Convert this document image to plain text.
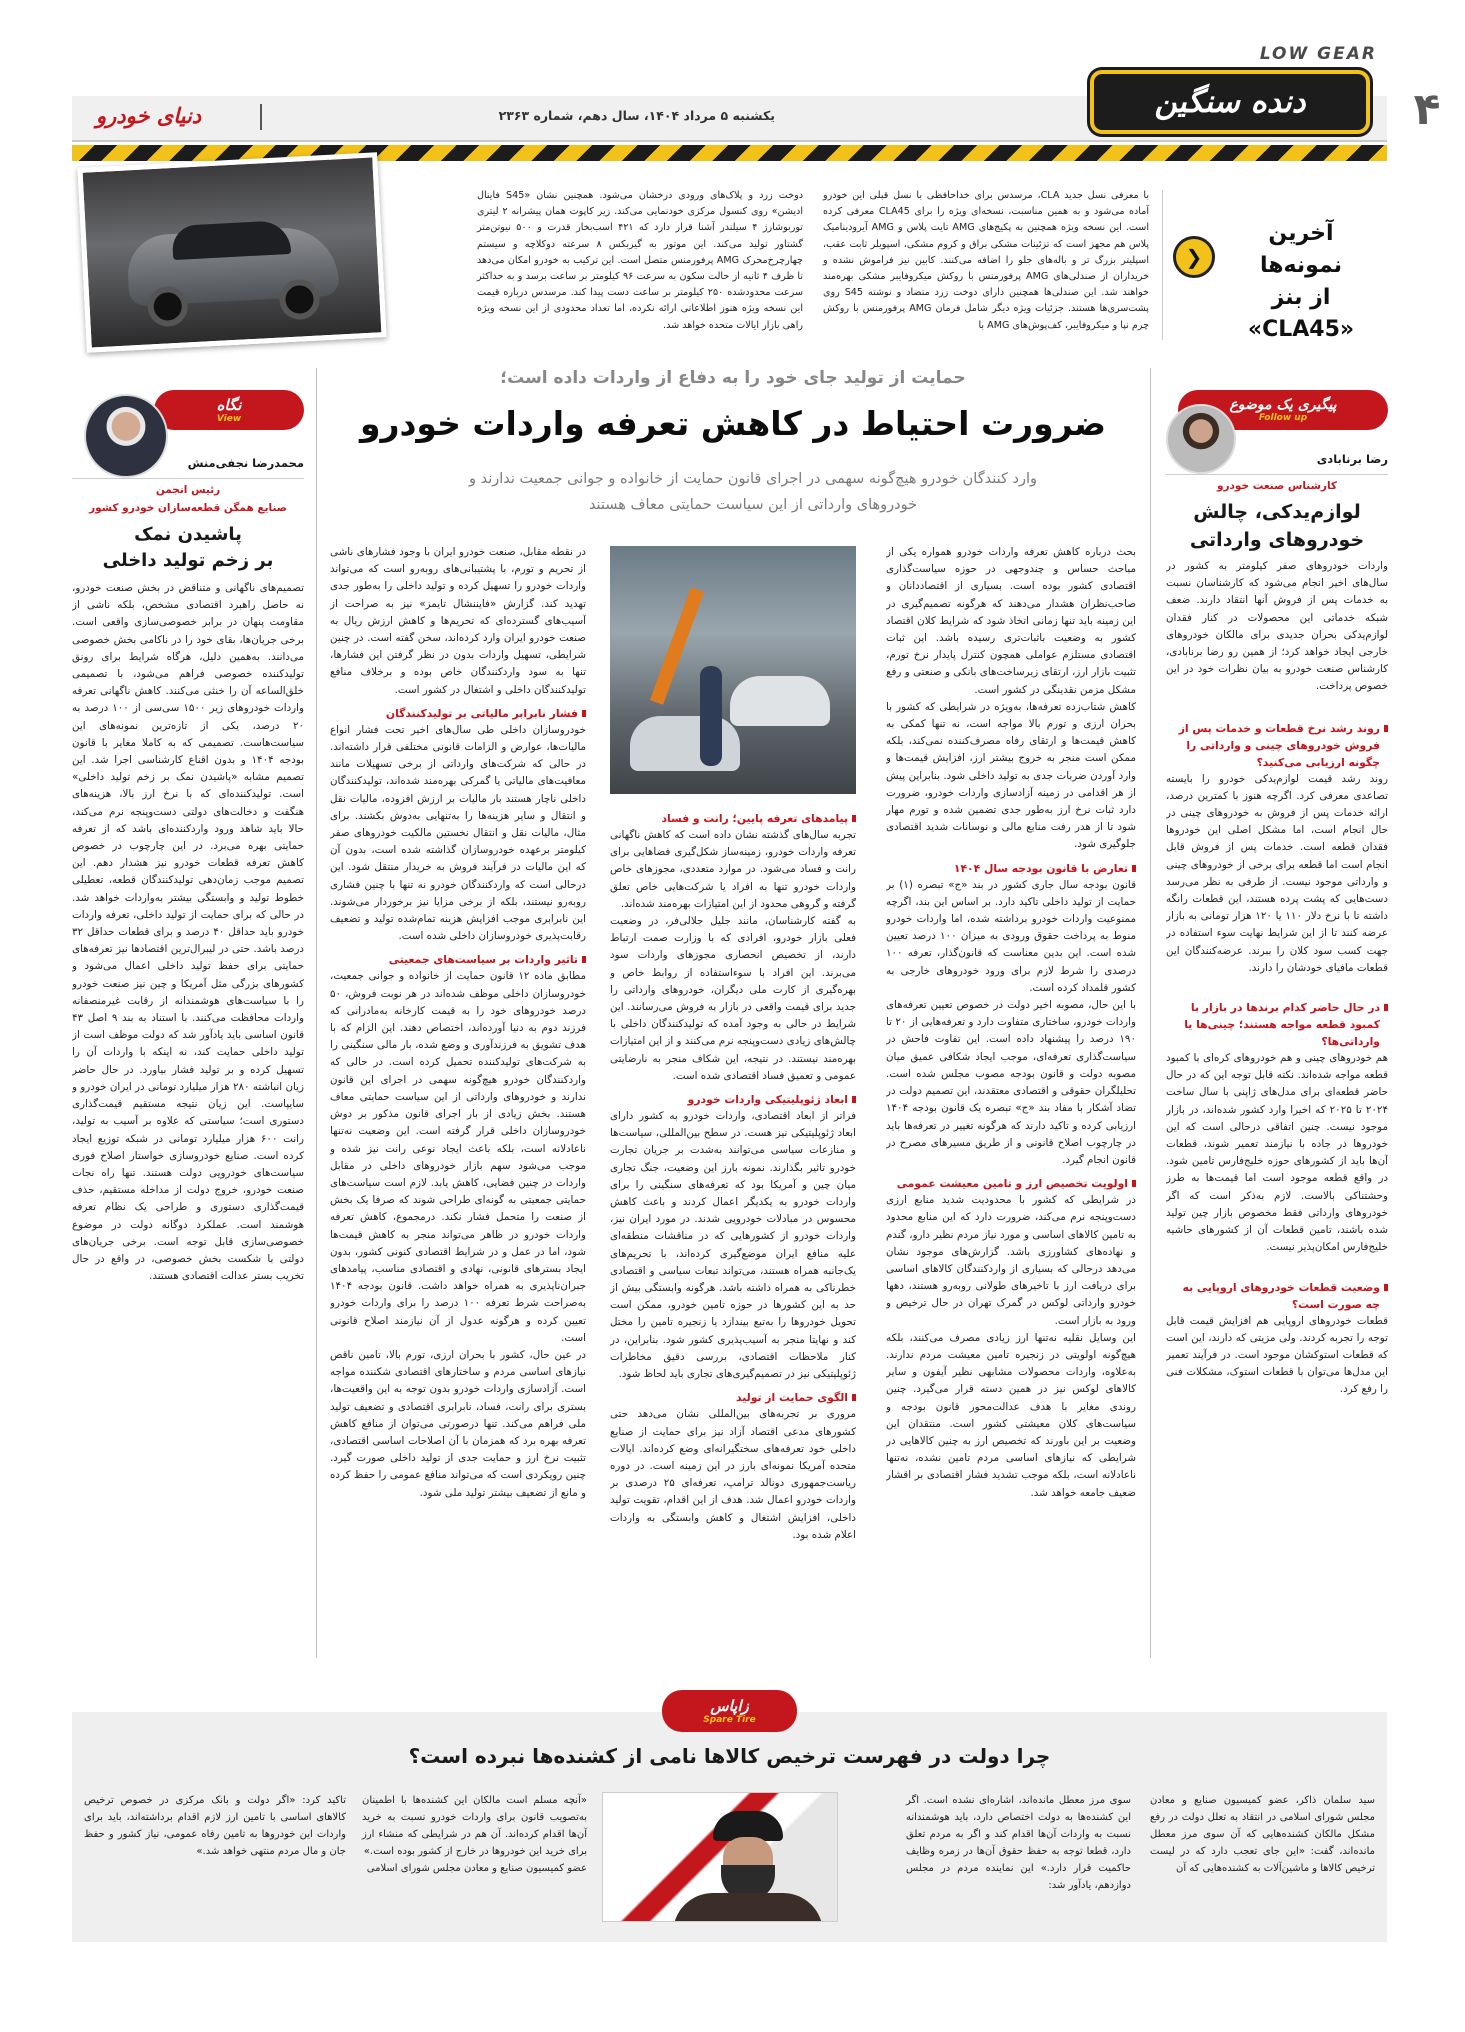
۴
LOW GEAR
دنده سنگین
یکشنبه ۵ مرداد ۱۴۰۴، سال دهم، شماره ۲۳۶۳
دنیای خودرو
آخرین نمونه‌ها
از بنز «CLA45»
❮

با معرفی نسل جدید CLA، مرسدس برای خداحافظی با نسل قبلی این خودرو آماده می‌شود و به همین مناسبت، نسخه‌ای ویژه را برای CLA45 معرفی کرده است. این نسخه ویژه همچنین به پکیج‌های AMG تایت پلاس و AMG آیرودینامیک پلاس هم مجهز است که تزئینات مشکی براق و کروم مشکی، اسپویلر ثابت عقب، اسپلیتر بزرگ تر و باله‌های جلو را اضافه می‌کنند. کابین نیز فراموش نشده و خریداران از صندلی‌های AMG پرفورمنس با روکش میکروفایبر مشکی بهره‌مند خواهند شد. این صندلی‌ها همچنین دارای دوخت زرد متضاد و نوشته S45 روی پشت‌سری‌ها هستند. جزئیات ویژه دیگر شامل فرمان AMG پرفورمنس با روکش چرم نپا و میکروفایبر، کف‌پوش‌های AMG با

دوخت زرد و پلاک‌های ورودی درخشان می‌شود. همچنین نشان «S45 فاینال ادیشن» روی کنسول مرکزی خودنمایی می‌کند. زیر کاپوت همان پیشرانه ۲ لیتری توربوشارژ ۴ سیلندر آشنا قرار دارد که ۴۲۱ اسب‌بخار قدرت و ۵۰۰ نیوتن‌متر گشتاور تولید می‌کند. این موتور به گیربکس ۸ سرعته دوکلاچه و سیستم چهارچرخ‌محرک AMG پرفورمنس متصل است. این ترکیب به خودرو امکان می‌دهد تا ظرف ۴ ثانیه از حالت سکون به سرعت ۹۶ کیلومتر بر ساعت برسد و به حداکثر سرعت محدودشده ۲۵۰ کیلومتر بر ساعت دست پیدا کند. مرسدس درباره قیمت این نسخه ویژه هنوز اطلاعاتی ارائه نکرده، اما تعداد محدودی از این نسخه ویژه راهی بازار ایالات متحده خواهد شد.

پیگیری یک موضوع
Follow up
رضا برنابادی
کارشناس صنعت خودرو
لوازم‌یدکی، چالش خودروهای وارداتی

واردات خودروهای صفر کیلومتر به کشور در سال‌های اخیر انجام می‌شود که کارشناسان نسبت به خدمات پس از فروش آنها انتقاد دارند. ضعف شبکه خدماتی این محصولات در کنار فقدان لوازم‌یدکی بحران جدیدی برای مالکان خودروهای خارجی ایجاد خواهد کرد؛ از همین رو رضا برنابادی، کارشناس صنعت خودرو به بیان نظرات خود در این خصوص پرداخت.

روند رشد نرخ قطعات و خدمات پس از فروش خودروهای چینی و وارداتی را چگونه ارزیابی می‌کنید؟

روند رشد قیمت لوازم‌یدکی خودرو را بایسته تصاعدی معرفی کرد. اگرچه هنوز با کمترین درصد، ارائه خدمات پس از فروش به خودروهای چینی در حال انجام است، اما مشکل اصلی این خودروها فقدان قطعه است. خدمات پس از فروش قابل انجام است اما قطعه برای برخی از خودروهای چینی و وارداتی موجود نیست. از طرفی به نظر می‌رسد دست‌هایی که پشت پرده هستند، این قطعات رانگه داشته تا با نرخ دلار ۱۱۰ یا ۱۲۰ هزار تومانی به بازار عرضه کنند تا از این شرایط نهایت سوء استفاده در جهت کسب سود کلان را ببرند. عرضه‌کنندگان این قطعات مافیای خودشان را دارند.

در حال حاضر کدام برندها در بازار با کمبود قطعه مواجه هستند؛ چینی‌ها یا وارداتی‌ها؟

هم خودروهای چینی و هم خودروهای کره‌ای با کمبود قطعه مواجه شده‌اند. نکته قابل توجه این که در حال حاضر قطعه‌ای برای مدل‌های ژاپنی با سال ساخت ۲۰۲۴ تا ۲۰۲۵ که اخیرا وارد کشور شده‌اند، در بازار موجود نیست. چنین اتفاقی درحالی است که این خودروها در جاده با نیازمند تعمیر شوند، قطعات آن‌ها باید از کشورهای حوزه خلیج‌فارس تامین شود. در واقع قطعه موجود است اما قیمت‌ها به طرز وحشتناکی بالاست. لازم به‌ذکر است که اگر خودروهای وارداتی فقط مخصوص بازار چین تولید شده باشند، تامین قطعات آن از کشورهای حاشیه خلیج‌فارس امکان‌پذیر نیست.

وضعیت قطعات خودروهای اروپایی به چه صورت است؟

قطعات خودروهای اروپایی هم افزایش قیمت قابل توجه را تجربه کردند. ولی مزیتی که دارند، این است که قطعات استوکشان موجود است. در فرآیند تعمیر این مدل‌ها می‌توان با قطعات استوک، مشکلات فنی را رفع کرد.

حمایت از تولید جای خود را به دفاع از واردات داده است؛
ضرورت احتیاط در کاهش تعرفه واردات خودرو
وارد کنندگان خودرو هیچ‌گونه سهمی در اجرای قانون حمایت از خانواده و جوانی جمعیت ندارند و خودروهای وارداتی از این سیاست حمایتی معاف هستند

بحث درباره کاهش تعرفه واردات خودرو همواره یکی از مباحث حساس و چندوجهی در حوزه سیاست‌گذاری اقتصادی کشور بوده است. بسیاری از اقتصاددانان و صاحب‌نظران هشدار می‌دهند که هرگونه تصمیم‌گیری در این زمینه باید تنها زمانی اتخاذ شود که شرایط کلان اقتصاد کشور به وضعیت باثبات‌تری رسیده باشد. این ثبات اقتصادی مستلزم عواملی همچون کنترل پایدار نرخ تورم، تثبیت بازار ارز، ارتقای زیرساخت‌های بانکی و صنعتی و رفع مشکل مزمن نقدینگی در کشور است.

کاهش شتاب‌زده تعرفه‌ها، به‌ویژه در شرایطی که کشور با بحران ارزی و تورم بالا مواجه است، نه تنها کمکی به کاهش قیمت‌ها و ارتقای رفاه مصرف‌کننده نمی‌کند، بلکه ممکن است منجر به خروج بیشتر ارز، افزایش قیمت‌ها و وارد آوردن ضربات جدی به تولید داخلی شود. بنابراین پیش از هر اقدامی در زمینه آزادسازی واردات خودرو، ضرورت دارد ثبات نرخ ارز به‌طور جدی تضمین شده و تورم مهار شود تا از هدر رفت منابع مالی و نوسانات شدید اقتصادی جلوگیری شود.

تعارض با قانون بودجه سال ۱۴۰۴

قانون بودجه سال جاری کشور در بند «ج» تبصره (۱) بر حمایت از تولید داخلی تاکید دارد. بر اساس این بند، اگرچه ممنوعیت واردات خودرو برداشته شده، اما واردات خودرو منوط به پرداخت حقوق ورودی به میزان ۱۰۰ درصد تعیین شده است. این بدین معناست که قانون‌گذار، تعرفه ۱۰۰ درصدی را شرط لازم برای ورود خودروهای خارجی به کشور قلمداد کرده است.

با این حال، مصوبه اخیر دولت در خصوص تعیین تعرفه‌های واردات خودرو، ساختاری متفاوت دارد و تعرفه‌هایی از ۲۰ تا ۱۹۰ درصد را پیشنهاد داده است. این تفاوت فاحش در سیاست‌گذاری تعرفه‌ای، موجب ایجاد شکافی عمیق میان مصوبه دولت و قانون بودجه مصوب مجلس شده است. تحلیلگران حقوقی و اقتصادی معتقدند، این تصمیم دولت در تضاد آشکار با مفاد بند «ج» تبصره یک قانون بودجه ۱۴۰۴ ارزیابی کرده و تاکید دارند که هرگونه تغییر در تعرفه‌ها باید در چارچوب اصلاح قانونی و از طریق مسیرهای مصرح در قانون انجام گیرد.

اولویت تخصیص ارز و تامین معیشت عمومی

در شرایطی که کشور با محدودیت شدید منابع ارزی دست‌وپنجه نرم می‌کند، ضرورت دارد که این منابع محدود به تامین کالاهای اساسی و مورد نیاز مردم نظیر دارو، گندم و نهاده‌های کشاورزی باشد. گزارش‌های موجود نشان می‌دهد درحالی که بسیاری از واردکنندگان کالاهای اساسی برای دریافت ارز با تاخیرهای طولانی روبه‌رو هستند، دهها خودرو وارداتی لوکس در گمرک تهران در حال ترخیص و ورود به بازار است.

این وسایل نقلیه نه‌تنها ارز زیادی مصرف می‌کنند، بلکه هیچ‌گونه اولویتی در زنجیره تامین معیشت مردم ندارند. به‌علاوه، واردات محصولات مشابهی نظیر آیفون و سایر کالاهای لوکس نیز در همین دسته قرار می‌گیرد. چنین روندی مغایر با هدف عدالت‌محور قانون بودجه و سیاست‌های کلان معیشتی کشور است. منتقدان این وضعیت بر این باورند که تخصیص ارز به چنین کالاهایی در شرایطی که نیازهای اساسی مردم تامین نشده، نه‌تنها ناعادلانه است، بلکه موجب تشدید فشار اقتصادی بر اقشار ضعیف جامعه خواهد شد.

پیامدهای تعرفه پایین؛ رانت و فساد

تجربه سال‌های گذشته نشان داده است که کاهش ناگهانی تعرفه واردات خودرو، زمینه‌ساز شکل‌گیری فضاهایی برای رانت و فساد می‌شود. در موارد متعددی، مجوزهای خاص واردات خودرو تنها به افراد یا شرکت‌هایی خاص تعلق گرفته و گروهی محدود از این امتیازات بهره‌مند شده‌اند.

به گفته کارشناسان، مانند جلیل جلالی‌فر، در وضعیت فعلی بازار خودرو، افرادی که با وزارت صمت ارتباط دارند، از تخصیص انحصاری مجوزهای واردات سود می‌برند. این افراد با سوءاستفاده از روابط خاص و بهره‌گیری از کارت ملی دیگران، خودروهای وارداتی را جدید برای قیمت واقعی در بازار به فروش می‌رسانند. این شرایط در حالی به وجود آمده که تولیدکنندگان داخلی با چالش‌های زیادی دست‌وپنجه نرم می‌کنند و از این امتیازات بهره‌مند نیستند. در نتیجه، این شکاف منجر به نارضایتی عمومی و تعمیق فساد اقتصادی شده است.

ابعاد ژئوپلیتیکی واردات خودرو

فراتر از ابعاد اقتصادی، واردات خودرو به کشور دارای ابعاد ژئوپلیتیکی نیز هست. در سطح بین‌المللی، سیاست‌ها و منازعات سیاسی می‌توانند به‌شدت بر جریان تجارت خودرو تاثیر بگذارند. نمونه بارز این وضعیت، جنگ تجاری میان چین و آمریکا بود که تعرفه‌های سنگینی را برای واردات خودرو به یکدیگر اعمال کردند و باعث کاهش محسوس در مبادلات خودرویی شدند. در مورد ایران نیز، واردات خودرو از کشورهایی که در مناقشات منطقه‌ای علیه منافع ایران موضع‌گیری کرده‌اند، با تحریم‌های یک‌جانبه همراه هستند، می‌تواند تبعات سیاسی و اقتصادی خطرناکی به همراه داشته باشد. هرگونه وابستگی بیش از حد به این کشورها در حوزه تامین خودرو، ممکن است تحویل خودروها را به‌تبع بیندازد یا زنجیره تامین را مختل کند و نهایتا منجر به آسیب‌پذیری کشور شود. بنابراین، در کنار ملاحظات اقتصادی، بررسی دقیق مخاطرات ژئوپلیتیکی نیز در تصمیم‌گیری‌های تجاری باید لحاظ شود.

الگوی حمایت از تولید

مروری بر تجربه‌های بین‌المللی نشان می‌دهد حتی کشورهای مدعی اقتصاد آزاد نیز برای حمایت از صنایع داخلی خود تعرفه‌های سختگیرانه‌ای وضع کرده‌اند. ایالات متحده آمریکا نمونه‌ای بارز در این زمینه است. در دوره ریاست‌جمهوری دونالد ترامپ، تعرفه‌ای ۲۵ درصدی بر واردات خودرو اعمال شد. هدف از این اقدام، تقویت تولید داخلی، افزایش اشتغال و کاهش وابستگی به واردات اعلام شده بود.

در نقطه مقابل، صنعت خودرو ایران با وجود فشارهای ناشی از تحریم و تورم، با پشتیبانی‌های روبه‌رو است که می‌تواند واردات خودرو را تسهیل کرده و تولید داخلی را به‌طور جدی تهدید کند. گزارش «فایننشال تایمز» نیز به صراحت از آسیب‌های گسترده‌ای که تحریم‌ها و کاهش ارزش ریال به صنعت خودرو ایران وارد کرده‌اند، سخن گفته است. در چنین شرایطی، تسهیل واردات بدون در نظر گرفتن این فشارها، تنها به سود واردکنندگان خاص بوده و برخلاف منافع تولیدکنندگان داخلی و اشتغال در کشور است.

فشار نابرابر مالیاتی بر تولیدکنندگان

خودروسازان داخلی طی سال‌های اخیر تحت فشار انواع مالیات‌ها، عوارض و الزامات قانونی مختلفی قرار داشته‌اند. در حالی که شرکت‌های وارداتی از برخی تسهیلات مانند معافیت‌های مالیاتی یا گمرکی بهره‌مند شده‌اند، تولیدکنندگان داخلی ناچار هستند بار مالیات بر ارزش افزوده، مالیات نقل و انتقال و سایر هزینه‌ها را به‌تنهایی به‌دوش بکشند. برای مثال، مالیات نقل و انتقال نخستین مالکیت خودروهای صفر کیلومتر برعهده خودروسازان گذاشته شده است، بدون آن که این مالیات در فرآیند فروش به خریدار منتقل شود. این درحالی است که واردکنندگان خودرو نه تنها با چنین فشاری روبه‌رو نیستند، بلکه از برخی مزایا نیز برخوردار می‌شوند. این نابرابری موجب افزایش هزینه تمام‌شده تولید و تضعیف رقابت‌پذیری خودروسازان داخلی شده است.

تاثیر واردات بر سیاست‌های جمعیتی

مطابق ماده ۱۲ قانون حمایت از خانواده و جوانی جمعیت، خودروسازان داخلی موظف شده‌اند در هر نوبت فروش، ۵۰ درصد خودروهای خود را به قیمت کارخانه به‌مادرانی که فرزند دوم به دنیا آورده‌اند، اختصاص دهند. این الزام که با هدف تشویق به فرزندآوری و وضع شده، بار مالی سنگینی را به شرکت‌های تولیدکننده تحمیل کرده است. در حالی که واردکنندگان خودرو هیچ‌گونه سهمی در اجرای این قانون ندارند و خودروهای وارداتی از این سیاست حمایتی معاف هستند. بخش زیادی از بار اجرای قانون مذکور بر دوش خودروسازان داخلی قرار گرفته است. این وضعیت نه‌تنها ناعادلانه است، بلکه باعث ایجاد نوعی رانت نیز شده و موجب می‌شود سهم بازار خودروهای داخلی در مقابل واردات در چنین فضایی، کاهش یابد. لازم است سیاست‌های حمایتی جمعیتی به گونه‌ای طراحی شوند که صرفا یک بخش از صنعت را متحمل فشار نکند. درمجموع، کاهش تعرفه واردات خودرو در ظاهر می‌تواند منجر به کاهش قیمت‌ها شود، اما در عمل و در شرایط اقتصادی کنونی کشور، بدون ایجاد بسترهای قانونی، نهادی و اقتصادی مناسب، پیامدهای جبران‌ناپذیری به همراه خواهد داشت. قانون بودجه ۱۴۰۴ به‌صراحت شرط تعرفه ۱۰۰ درصد را برای واردات خودرو تعیین کرده و هرگونه عدول از آن نیازمند اصلاح قانونی است.

در عین حال، کشور با بحران ارزی، تورم بالا، تامین ناقص نیازهای اساسی مردم و ساختارهای اقتصادی شکننده مواجه است. آزادسازی واردات خودرو بدون توجه به این واقعیت‌ها، بستری برای رانت، فساد، نابرابری اقتصادی و تضعیف تولید ملی فراهم می‌کند. تنها درصورتی می‌توان از منافع کاهش تعرفه بهره برد که همزمان با آن اصلاحات اساسی اقتصادی، تثبیت نرخ ارز و حمایت جدی از تولید داخلی صورت گیرد. چنین رویکردی است که می‌تواند منافع عمومی را حفظ کرده و مانع از تضعیف بیشتر تولید ملی شود.

نگاه
View
محمدرضا نجفی‌منش
رئیس انجمن
صنایع همگن قطعه‌سازان خودرو کشور
پاشیدن نمک
بر زخم تولید داخلی

تصمیم‌های ناگهانی و متناقض در بخش صنعت خودرو، نه حاصل راهبرد اقتصادی مشخص، بلکه ناشی از مقاومت پنهان در برابر خصوصی‌سازی واقعی است. برخی جریان‌ها، بقای خود را در ناکامی بخش خصوصی می‌دانند. به‌همین دلیل، هرگاه شرایط برای رونق تولیدکننده خصوصی فراهم می‌شود، با تصمیمی خلق‌الساعه آن را خنثی می‌کنند. کاهش ناگهانی تعرفه واردات خودروهای زیر ۱۵۰۰ سی‌سی از ۱۰۰ درصد به ۲۰ درصد، یکی از تازه‌ترین نمونه‌های این سیاست‌هاست. تصمیمی که به‌ کاملا مغایر با قانون بودجه ۱۴۰۴ و بدون اقناع کارشناسی اجرا شد. این تصمیم مشابه «پاشیدن نمک بر زخم تولید داخلی» است. تولیدکننده‌ای که با نرخ ارز بالا، هزینه‌های هنگفت و دخالت‌های دولتی دست‌وپنجه نرم می‌کند، حالا باید شاهد ورود واردکننده‌ای باشد که از تعرفه حمایتی بهره می‌برد. در این چارچوب در خصوص کاهش تعرفه قطعات خودرو نیز هشدار دهم. این تصمیم موجب زمان‌دهی تولیدکنندگان قطعه، تعطیلی خطوط تولید و وابستگی بیشتر به‌واردات خواهد شد. در حالی که برای حمایت از تولید داخلی، تعرفه واردات خودرو باید حداقل ۴۰ درصد و برای قطعات حداقل ۳۲ درصد باشد. حتی در لیبرال‌ترین اقتصادها نیز تعرفه‌های حمایتی برای حفظ تولید داخلی اعمال می‌شود و کشورهای بزرگی مثل آمریکا و چین نیز صنعت خودرو را با سیاست‌های هوشمندانه از رقابت غیرمنصفانه واردات محافظت می‌کنند. با استناد به بند ۹ اصل ۴۳ قانون اساسی باید یادآور شد که دولت موظف است از تولید داخلی حمایت کند، نه اینکه با واردات آن را تسهیل کرده و بر تولید فشار بیاورد. در حال حاضر زیان انباشته ۲۸۰ هزار میلیارد تومانی در ایران خودرو و سایپاست. این زیان نتیجه مستقیم قیمت‌گذاری دستوری است؛ سیاستی که علاوه بر آسیب به تولید، رانت ۶۰۰ هزار میلیارد تومانی در شبکه توزیع ایجاد کرده است. صنایع خودروسازی خواستار اصلاح فوری سیاست‌های خودرویی دولت هستند. تنها راه نجات صنعت خودرو، خروج دولت از مداخله مستقیم، حذف قیمت‌گذاری دستوری و طراحی یک نظام تعرفه هوشمند است. عملکرد دوگانه دولت در موضوع خصوصی‌سازی قابل توجه است. برخی جریان‌های دولتی با شکست بخش خصوصی، در واقع در حال تخریب بستر عدالت اقتصادی هستند.

زاپاس
Spare Tire
چرا دولت در فهرست ترخیص کالاها نامی از کشنده‌ها نبرده است؟

سید سلمان ذاکر، عضو کمیسیون صنایع و معادن مجلس شورای اسلامی در انتقاد به تعلل دولت در رفع مشکل مالکان کشنده‌هایی که آن سوی مرز معطل مانده‌اند، گفت: «این جای تعجب دارد که در لیست ترخیص کالاها و ماشین‌آلات به کشنده‌هایی که آن

سوی مرز معطل مانده‌اند، اشاره‌ای نشده است. اگر این کشنده‌ها به دولت اختصاص دارد، باید هوشمندانه نسبت به واردات آن‌ها اقدام کند و اگر به مردم تعلق دارد، قطعا توجه به حفظ حقوق آن‌ها در زمره وظایف حاکمیت قرار دارد.» این نماینده مردم در مجلس دوازدهم، یادآور شد:

«آنچه مسلم است مالکان این کشنده‌ها با اطمینان به‌تصویب قانون برای واردات خودرو نسبت به خرید آن‌ها اقدام کرده‌اند. آن هم در شرایطی که منشاء ارز برای خرید این خودروها در خارج از کشور بوده است.»

عضو کمیسیون صنایع و معادن مجلس شورای اسلامی

تاکید کرد: «اگر دولت و بانک مرکزی در خصوص ترخیص کالاهای اساسی با تامین ارز لازم اقدام برداشته‌اند، باید برای واردات این خودروها به تامین رفاه عمومی، نیاز کشور و حفظ جان و مال مردم منتهی خواهد شد.»
